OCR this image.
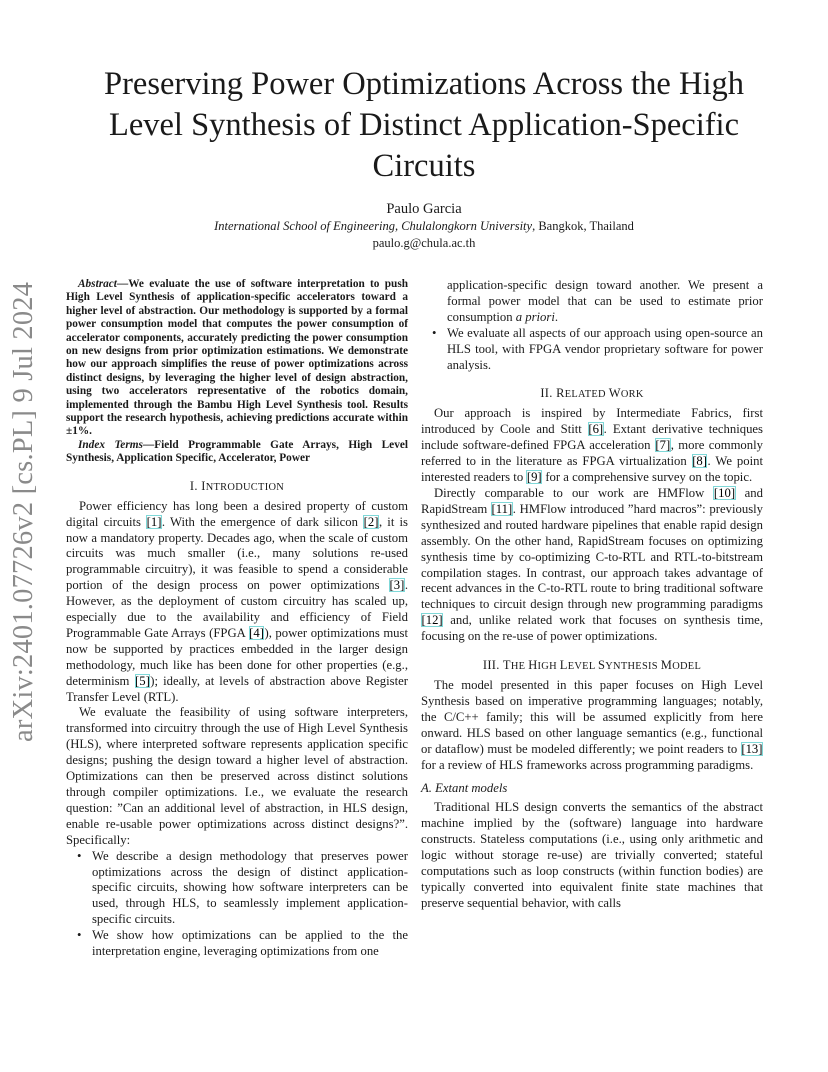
arXiv:2401.07726v2 [cs.PL] 9 Jul 2024
Preserving Power Optimizations Across the High Level Synthesis of Distinct Application-Specific Circuits
Paulo Garcia
International School of Engineering, Chulalongkorn University, Bangkok, Thailand
paulo.g@chula.ac.th

Abstract—We evaluate the use of software interpretation to push High Level Synthesis of application-specific accelerators toward a higher level of abstraction. Our methodology is supported by a formal power consumption model that computes the power consumption of accelerator components, accurately predicting the power consumption on new designs from prior optimization estimations. We demonstrate how our approach simplifies the reuse of power optimizations across distinct designs, by leveraging the higher level of design abstraction, using two accelerators representative of the robotics domain, implemented through the Bambu High Level Synthesis tool. Results support the research hypothesis, achieving predictions accurate within ±1%.

Index Terms—Field Programmable Gate Arrays, High Level Synthesis, Application Specific, Accelerator, Power

I. INTRODUCTION

Power efficiency has long been a desired property of custom digital circuits [1]. With the emergence of dark silicon [2], it is now a mandatory property. Decades ago, when the scale of custom circuits was much smaller (i.e., many solutions re-used programmable circuitry), it was feasible to spend a considerable portion of the design process on power optimizations [3]. However, as the deployment of custom circuitry has scaled up, especially due to the availability and efficiency of Field Programmable Gate Arrays (FPGA [4]), power optimizations must now be supported by practices embedded in the larger design methodology, much like has been done for other properties (e.g., determinism [5]); ideally, at levels of abstraction above Register Transfer Level (RTL).

We evaluate the feasibility of using software interpreters, transformed into circuitry through the use of High Level Synthesis (HLS), where interpreted software represents application specific designs; pushing the design toward a higher level of abstraction. Optimizations can then be preserved across distinct solutions through compiler optimizations. I.e., we evaluate the research question: ”Can an additional level of abstraction, in HLS design, enable re-usable power optimizations across distinct designs?”. Specifically:

• We describe a design methodology that preserves power optimizations across the design of distinct application-specific circuits, showing how software interpreters can be used, through HLS, to seamlessly implement application-specific circuits.
• We show how optimizations can be applied to the the interpretation engine, leveraging optimizations from one

application-specific design toward another. We present a formal power model that can be used to estimate prior consumption a priori.

• We evaluate all aspects of our approach using open-source an HLS tool, with FPGA vendor proprietary software for power analysis.
II. RELATED WORK

Our approach is inspired by Intermediate Fabrics, first introduced by Coole and Stitt [6]. Extant derivative techniques include software-defined FPGA acceleration [7], more commonly referred to in the literature as FPGA virtualization [8]. We point interested readers to [9] for a comprehensive survey on the topic.

Directly comparable to our work are HMFlow [10] and RapidStream [11]. HMFlow introduced ”hard macros”: previously synthesized and routed hardware pipelines that enable rapid design assembly. On the other hand, RapidStream focuses on optimizing synthesis time by co-optimizing C-to-RTL and RTL-to-bitstream compilation stages. In contrast, our approach takes advantage of recent advances in the C-to-RTL route to bring traditional software techniques to circuit design through new programming paradigms [12] and, unlike related work that focuses on synthesis time, focusing on the re-use of power optimizations.

III. THE HIGH LEVEL SYNTHESIS MODEL

The model presented in this paper focuses on High Level Synthesis based on imperative programming languages; notably, the C/C++ family; this will be assumed explicitly from here onward. HLS based on other language semantics (e.g., functional or dataflow) must be modeled differently; we point readers to [13] for a review of HLS frameworks across programming paradigms.

A. Extant models

Traditional HLS design converts the semantics of the abstract machine implied by the (software) language into hardware constructs. Stateless computations (i.e., using only arithmetic and logic without storage re-use) are trivially converted; stateful computations such as loop constructs (within function bodies) are typically converted into equivalent finite state machines that preserve sequential behavior, with calls
